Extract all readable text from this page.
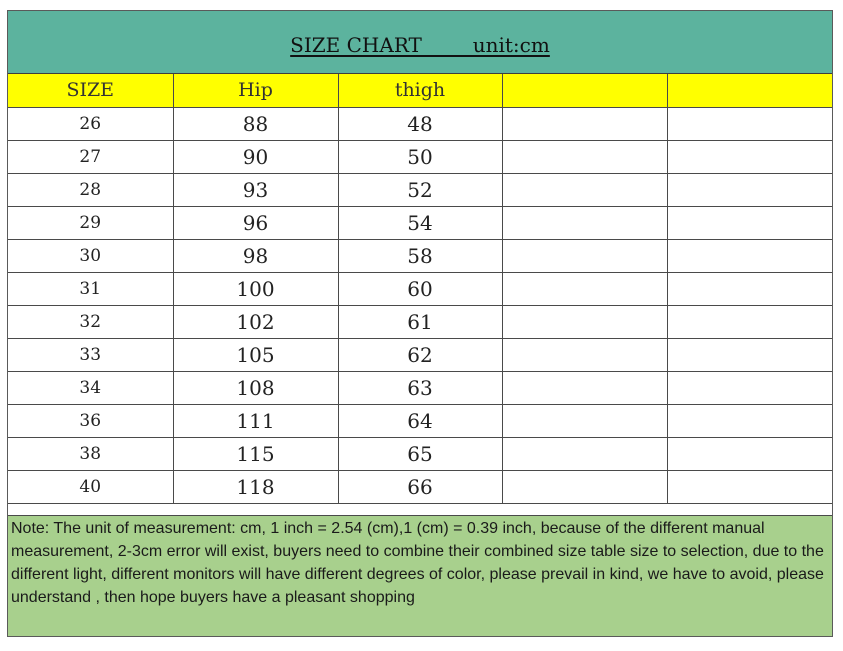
SIZE CHART        unit:cm
SIZE	Hip	thigh		
26	88	48		
27	90	50		
28	93	52		
29	96	54		
30	98	58		
31	100	60		
32	102	61		
33	105	62		
34	108	63		
36	111	64		
38	115	65		
40	118	66		
Note: The unit of measurement: cm, 1 inch = 2.54 (cm),1 (cm) = 0.39 inch, because of the different manual measurement, 2-3cm error will exist, buyers need to combine their combined size table size to selection, due to the different light, different monitors will have different degrees of color, please prevail in kind, we have to avoid, please understand , then hope buyers have a pleasant shopping
